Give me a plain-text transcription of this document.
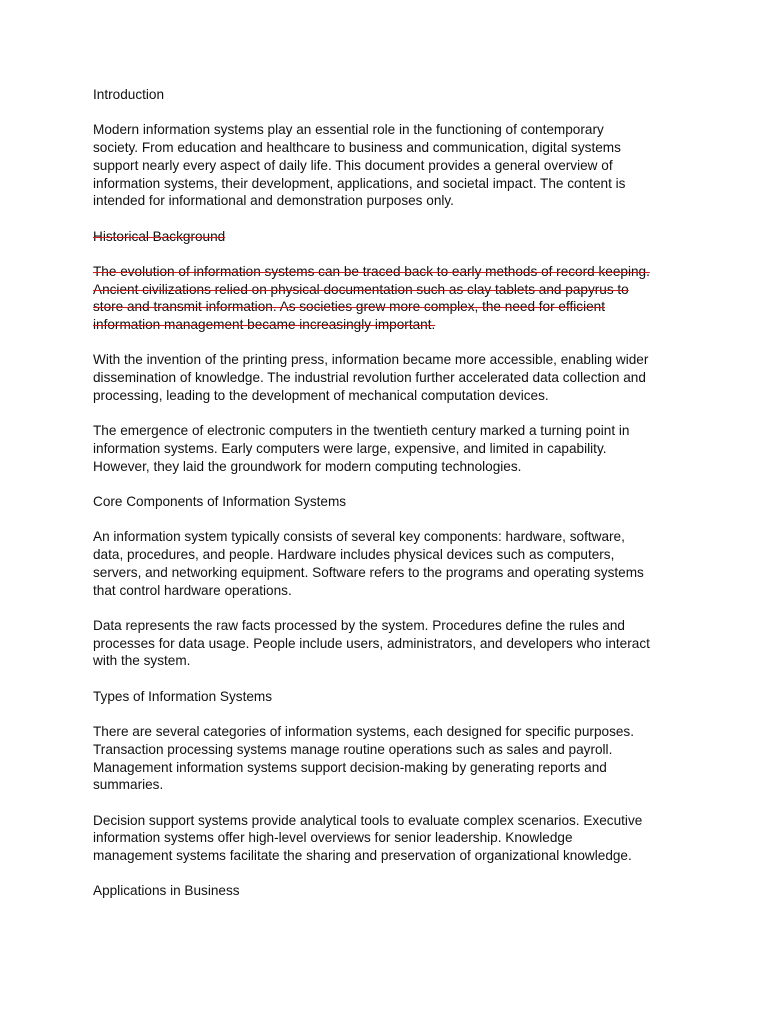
Introduction
Modern information systems play an essential role in the functioning of contemporary
society. From education and healthcare to business and communication, digital systems
support nearly every aspect of daily life. This document provides a general overview of
information systems, their development, applications, and societal impact. The content is
intended for informational and demonstration purposes only.
Historical Background
The evolution of information systems can be traced back to early methods of record keeping.
Ancient civilizations relied on physical documentation such as clay tablets and papyrus to
store and transmit information. As societies grew more complex, the need for efficient
information management became increasingly important.
With the invention of the printing press, information became more accessible, enabling wider
dissemination of knowledge. The industrial revolution further accelerated data collection and
processing, leading to the development of mechanical computation devices.
The emergence of electronic computers in the twentieth century marked a turning point in
information systems. Early computers were large, expensive, and limited in capability.
However, they laid the groundwork for modern computing technologies.
Core Components of Information Systems
An information system typically consists of several key components: hardware, software,
data, procedures, and people. Hardware includes physical devices such as computers,
servers, and networking equipment. Software refers to the programs and operating systems
that control hardware operations.
Data represents the raw facts processed by the system. Procedures define the rules and
processes for data usage. People include users, administrators, and developers who interact
with the system.
Types of Information Systems
There are several categories of information systems, each designed for specific purposes.
Transaction processing systems manage routine operations such as sales and payroll.
Management information systems support decision-making by generating reports and
summaries.
Decision support systems provide analytical tools to evaluate complex scenarios. Executive
information systems offer high-level overviews for senior leadership. Knowledge
management systems facilitate the sharing and preservation of organizational knowledge.
Applications in Business
